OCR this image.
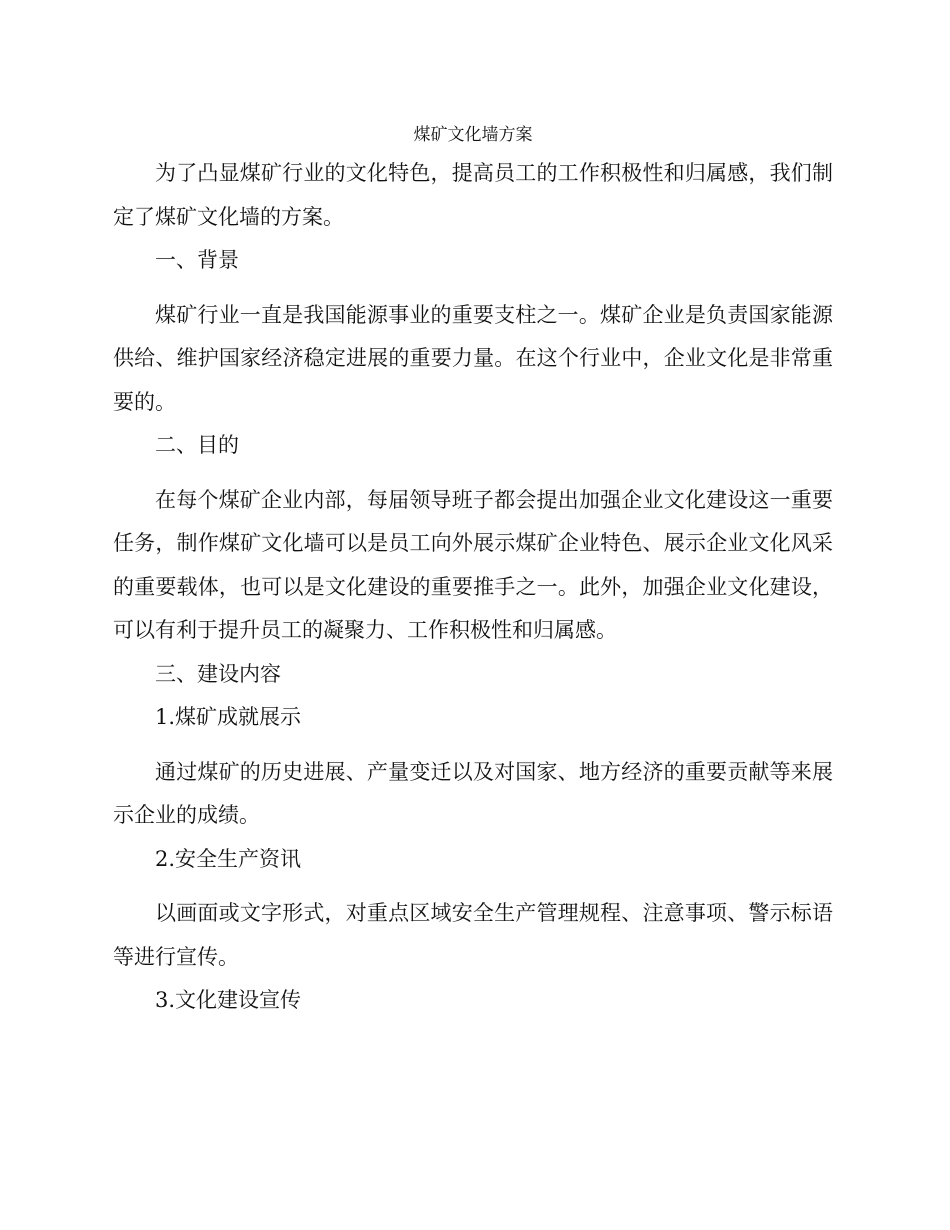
煤矿文化墙方案

为了凸显煤矿行业的文化特色，提高员工的工作积极性和归属感，我们制定了煤矿文化墙的方案。

一、背景

煤矿行业一直是我国能源事业的重要支柱之一。煤矿企业是负责国家能源供给、维护国家经济稳定进展的重要力量。在这个行业中，企业文化是非常重要的。

二、目的

在每个煤矿企业内部，每届领导班子都会提出加强企业文化建设这一重要任务，制作煤矿文化墙可以是员工向外展示煤矿企业特色、展示企业文化风采的重要载体，也可以是文化建设的重要推手之一。此外，加强企业文化建设，可以有利于提升员工的凝聚力、工作积极性和归属感。

三、建设内容

1.煤矿成就展示

通过煤矿的历史进展、产量变迁以及对国家、地方经济的重要贡献等来展示企业的成绩。

2.安全生产资讯

以画面或文字形式，对重点区域安全生产管理规程、注意事项、警示标语等进行宣传。

3.文化建设宣传
